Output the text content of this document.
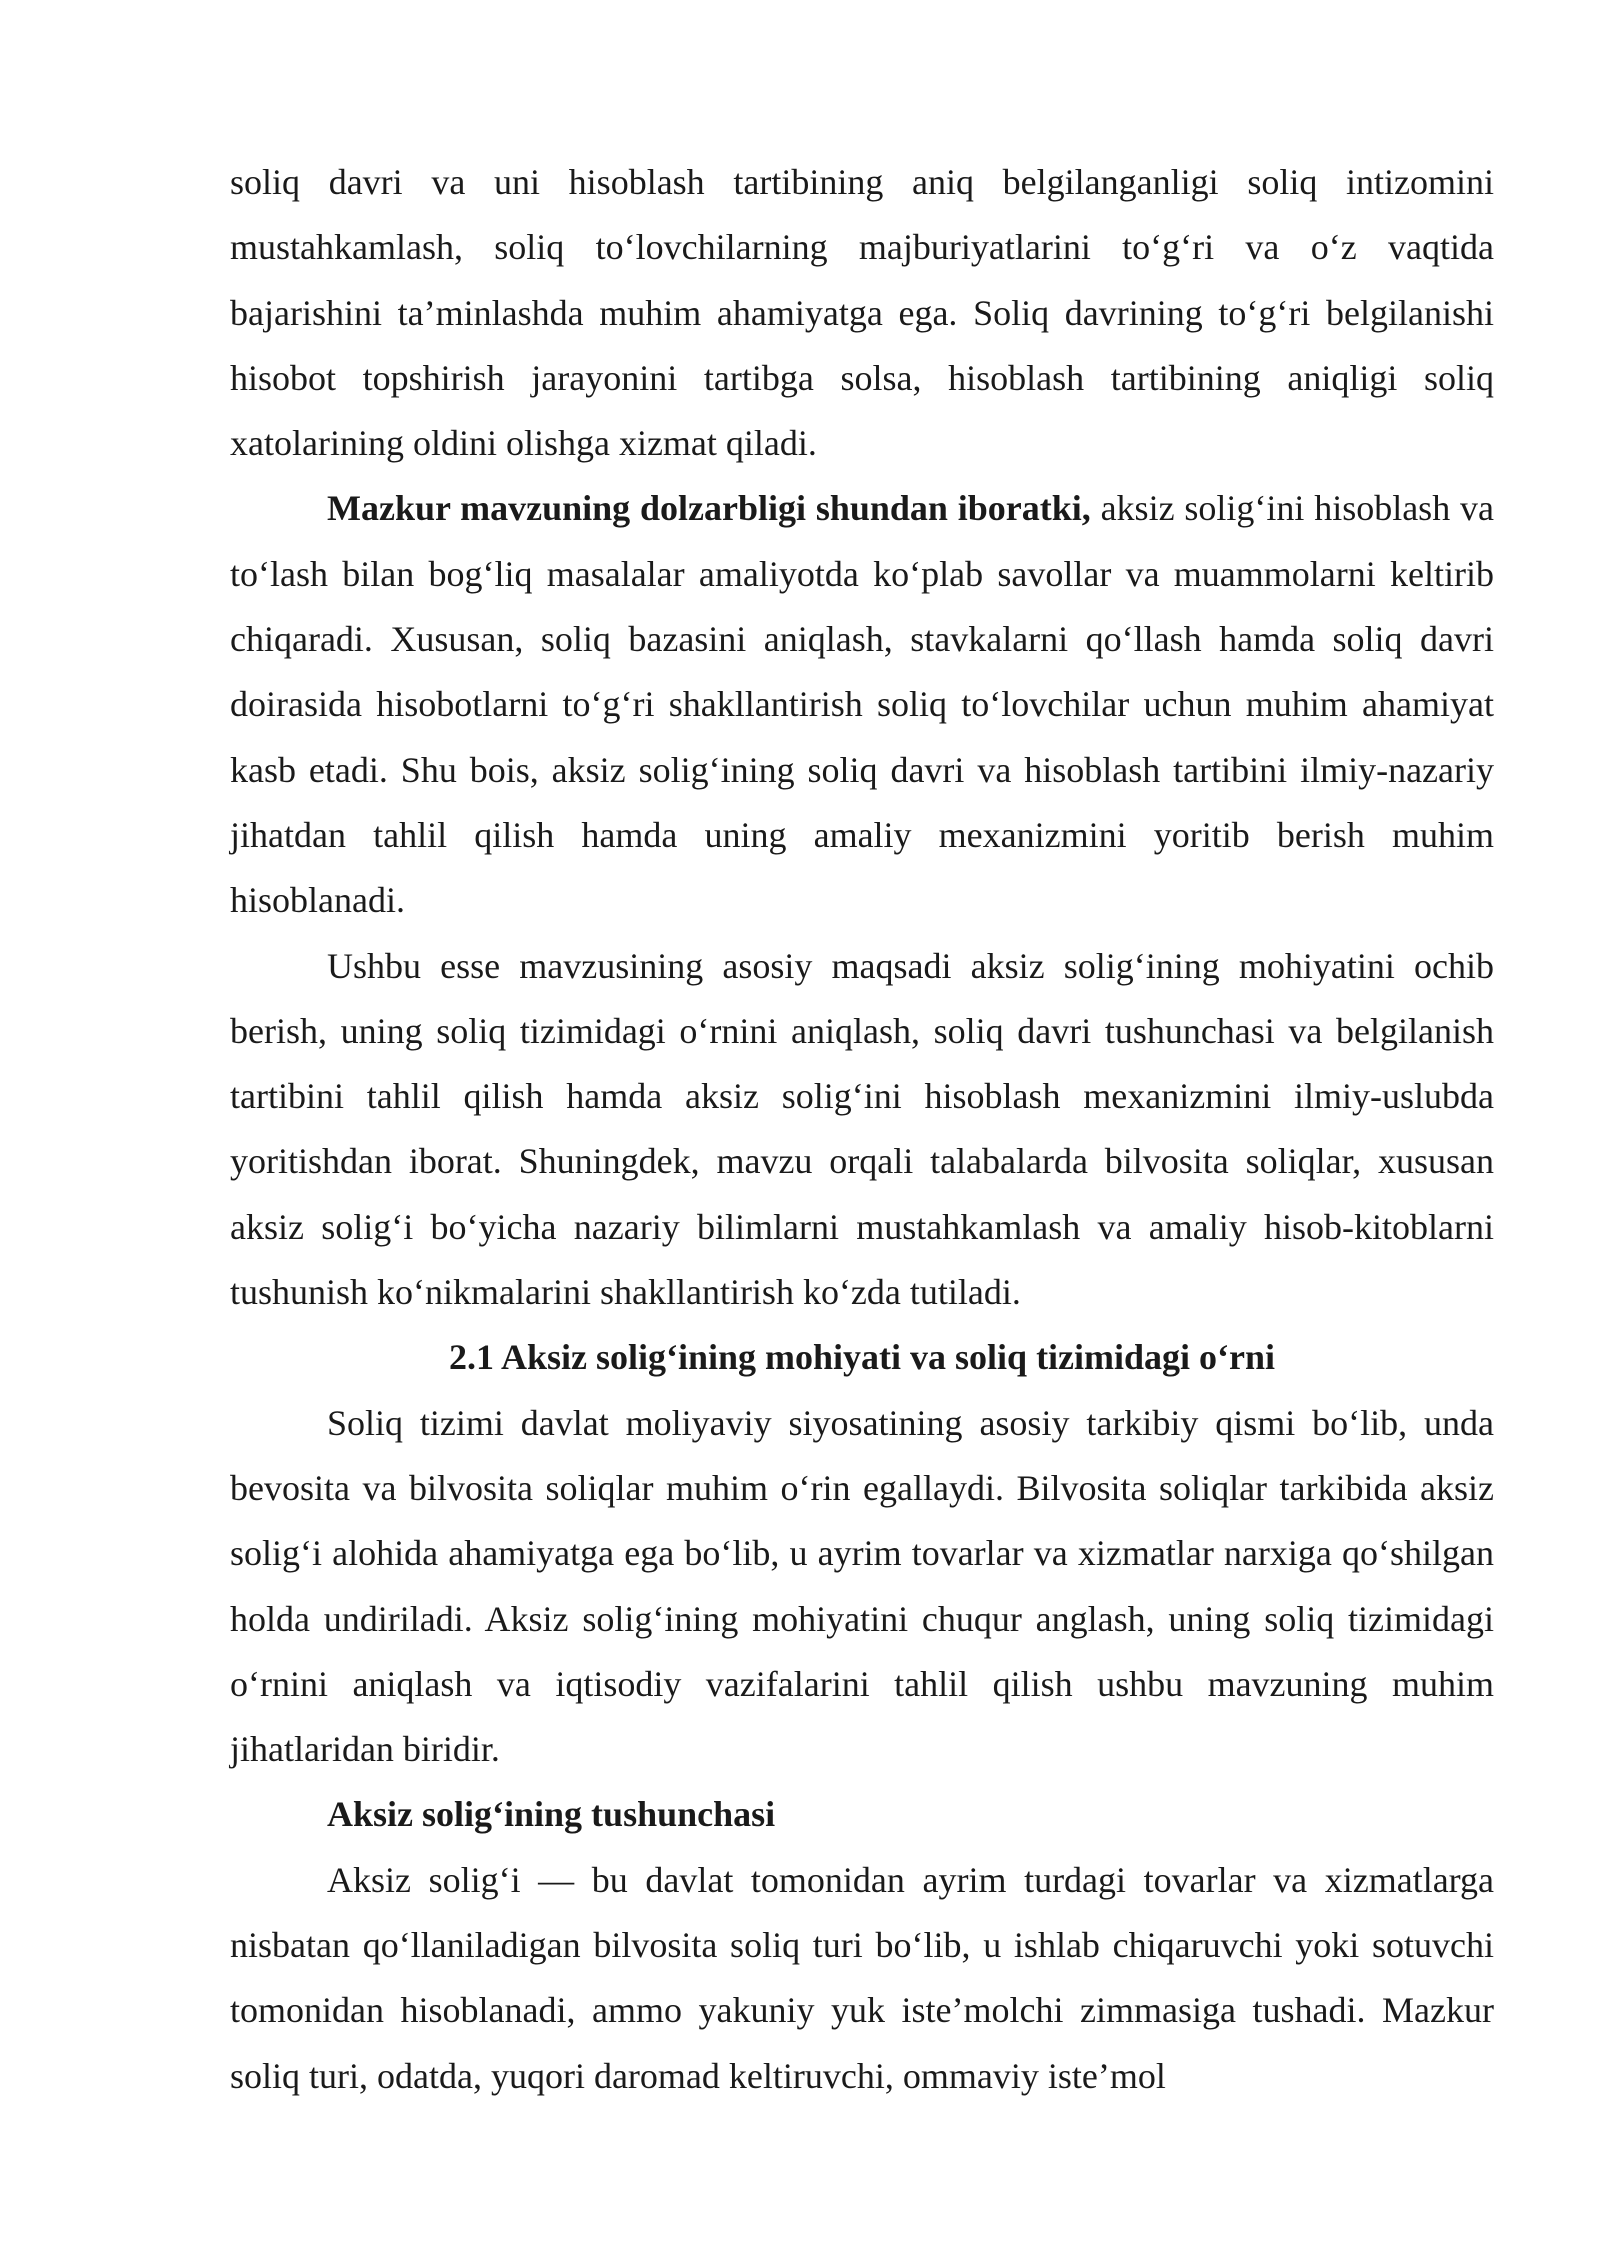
soliq davri va uni hisoblash tartibining aniq belgilanganligi soliq intizomini mustahkamlash, soliq to‘lovchilarning majburiyatlarini to‘g‘ri va o‘z vaqtida bajarishini ta’minlashda muhim ahamiyatga ega. Soliq davrining to‘g‘ri belgilanishi hisobot topshirish jarayonini tartibga solsa, hisoblash tartibining aniqligi soliq xatolarining oldini olishga xizmat qiladi.

Mazkur mavzuning dolzarbligi shundan iboratki, aksiz solig‘ini hisoblash va to‘lash bilan bog‘liq masalalar amaliyotda ko‘plab savollar va muammolarni keltirib chiqaradi. Xususan, soliq bazasini aniqlash, stavkalarni qo‘llash hamda soliq davri doirasida hisobotlarni to‘g‘ri shakllantirish soliq to‘lovchilar uchun muhim ahamiyat kasb etadi. Shu bois, aksiz solig‘ining soliq davri va hisoblash tartibini ilmiy-nazariy jihatdan tahlil qilish hamda uning amaliy mexanizmini yoritib berish muhim hisoblanadi.

Ushbu esse mavzusining asosiy maqsadi aksiz solig‘ining mohiyatini ochib berish, uning soliq tizimidagi o‘rnini aniqlash, soliq davri tushunchasi va belgilanish tartibini tahlil qilish hamda aksiz solig‘ini hisoblash mexanizmini ilmiy-uslubda yoritishdan iborat. Shuningdek, mavzu orqali talabalarda bilvosita soliqlar, xususan aksiz solig‘i bo‘yicha nazariy bilimlarni mustahkamlash va amaliy hisob-kitoblarni tushunish ko‘nikmalarini shakllantirish ko‘zda tutiladi.

2.1 Aksiz solig‘ining mohiyati va soliq tizimidagi o‘rni

Soliq tizimi davlat moliyaviy siyosatining asosiy tarkibiy qismi bo‘lib, unda bevosita va bilvosita soliqlar muhim o‘rin egallaydi. Bilvosita soliqlar tarkibida aksiz solig‘i alohida ahamiyatga ega bo‘lib, u ayrim tovarlar va xizmatlar narxiga qo‘shilgan holda undiriladi. Aksiz solig‘ining mohiyatini chuqur anglash, uning soliq tizimidagi o‘rnini aniqlash va iqtisodiy vazifalarini tahlil qilish ushbu mavzuning muhim jihatlaridan biridir.

Aksiz solig‘ining tushunchasi

Aksiz solig‘i — bu davlat tomonidan ayrim turdagi tovarlar va xizmatlarga nisbatan qo‘llaniladigan bilvosita soliq turi bo‘lib, u ishlab chiqaruvchi yoki sotuvchi tomonidan hisoblanadi, ammo yakuniy yuk iste’molchi zimmasiga tushadi. Mazkur soliq turi, odatda, yuqori daromad keltiruvchi, ommaviy iste’mol
